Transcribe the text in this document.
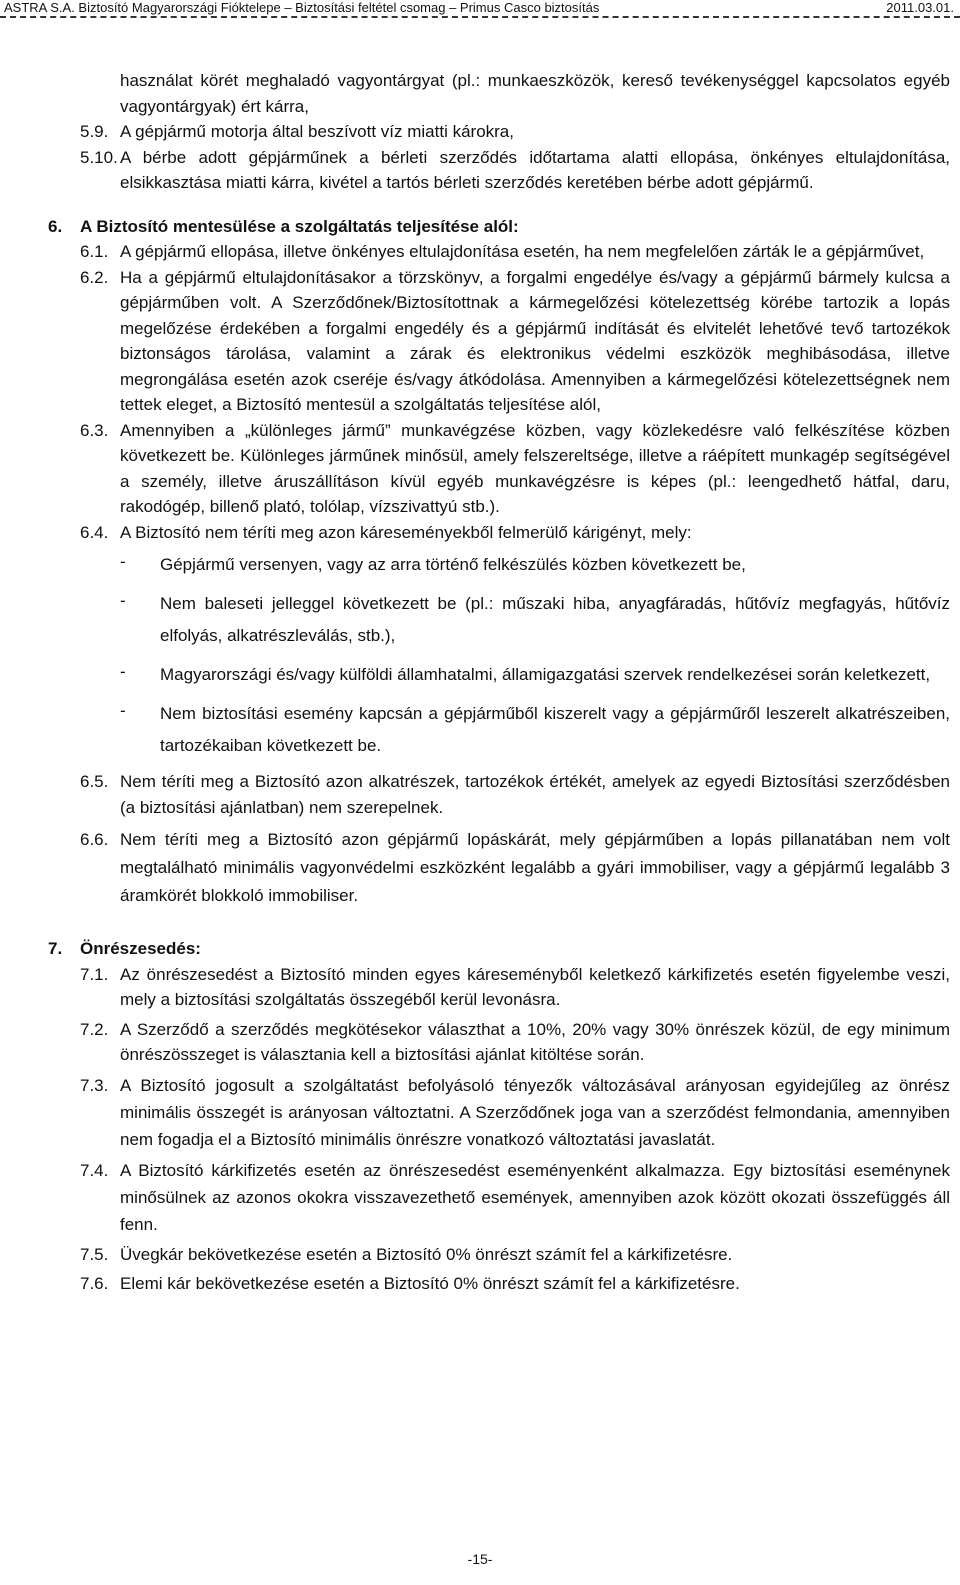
ASTRA S.A. Biztosító Magyarországi Fióktelepe – Biztosítási feltétel csomag – Primus Casco biztosítás	2011.03.01.
használat körét meghaladó vagyontárgyat (pl.: munkaeszközök, kereső tevékenységgel kapcsolatos egyéb vagyontárgyak) ért kárra,
5.9. A gépjármű motorja által beszívott víz miatti károkra,
5.10. A bérbe adott gépjárműnek a bérleti szerződés időtartama alatti ellopása, önkényes eltulajdonítása, elsikkasztása miatti kárra, kivétel a tartós bérleti szerződés keretében bérbe adott gépjármű.
6.	A Biztosító mentesülése a szolgáltatás teljesítése alól:
6.1. A gépjármű ellopása, illetve önkényes eltulajdonítása esetén, ha nem megfelelően zárták le a gépjárművet,
6.2. Ha a gépjármű eltulajdonításakor a törzskönyv, a forgalmi engedélye és/vagy a gépjármű bármely kulcsa a gépjárműben volt. A Szerződőnek/Biztosítottnak a kármegelőzési kötelezettség körébe tartozik a lopás megelőzése érdekében a forgalmi engedély és a gépjármű indítását és elvitelét lehetővé tevő tartozékok biztonságos tárolása, valamint a zárak és elektronikus védelmi eszközök meghibásodása, illetve megrongálása esetén azok cseréje és/vagy átkódolása. Amennyiben a kármegelőzési kötelezettségnek nem tettek eleget, a Biztosító mentesül a szolgáltatás teljesítése alól,
6.3. Amennyiben a „különleges jármű” munkavégzése közben, vagy közlekedésre való felkészítése közben következett be. Különleges járműnek minősül, amely felszereltsége, illetve a ráépített munkagép segítségével a személy, illetve áruszállításon kívül egyéb munkavégzésre is képes (pl.: leengedhető hátfal, daru, rakodógép, billenő plató, tolólap, vízszivattyú stb.).
6.4. A Biztosító nem téríti meg azon káreseményekből felmerülő kárigényt, mely:
-	Gépjármű versenyen, vagy az arra történő felkészülés közben következett be,
-	Nem baleseti jelleggel következett be (pl.: műszaki hiba, anyagfáradás, hűtővíz megfagyás, hűtővíz elfolyás, alkatrészleválás, stb.),
-	Magyarországi és/vagy külföldi államhatalmi, államigazgatási szervek rendelkezései során keletkezett,
-	Nem biztosítási esemény kapcsán a gépjárműből kiszerelt vagy a gépjárműről leszerelt alkatrészeiben, tartozékaiban következett be.
6.5. Nem téríti meg a Biztosító azon alkatrészek, tartozékok értékét, amelyek az egyedi Biztosítási szerződésben (a biztosítási ajánlatban) nem szerepelnek.
6.6. Nem téríti meg a Biztosító azon gépjármű lopáskárát, mely gépjárműben a lopás pillanatában nem volt megtalálható minimális vagyonvédelmi eszközként legalább a gyári immobiliser, vagy a gépjármű legalább 3 áramkörét blokkoló immobiliser.
7.	Önrészesedés:
7.1. Az önrészesedést a Biztosító minden egyes káreseményből keletkező kárkifizetés esetén figyelembe veszi, mely a biztosítási szolgáltatás összegéből kerül levonásra.
7.2. A Szerződő a szerződés megkötésekor választhat a 10%, 20% vagy 30% önrészek közül, de egy minimum önrészösszeget is választania kell a biztosítási ajánlat kitöltése során.
7.3. A Biztosító jogosult a szolgáltatást befolyásoló tényezők változásával arányosan egyidejűleg az önrész minimális összegét is arányosan változtatni. A Szerződőnek joga van a szerződést felmondania, amennyiben nem fogadja el a Biztosító minimális önrészre vonatkozó változtatási javaslatát.
7.4. A Biztosító kárkifizetés esetén az önrészesedést eseményenként alkalmazza. Egy biztosítási eseménynek minősülnek az azonos okokra visszavezethető események, amennyiben azok között okozati összefüggés áll fenn.
7.5. Üvegkár bekövetkezése esetén a Biztosító 0% önrészt számít fel a kárkifizetésre.
7.6. Elemi kár bekövetkezése esetén a Biztosító 0% önrészt számít fel a kárkifizetésre.
-15-
